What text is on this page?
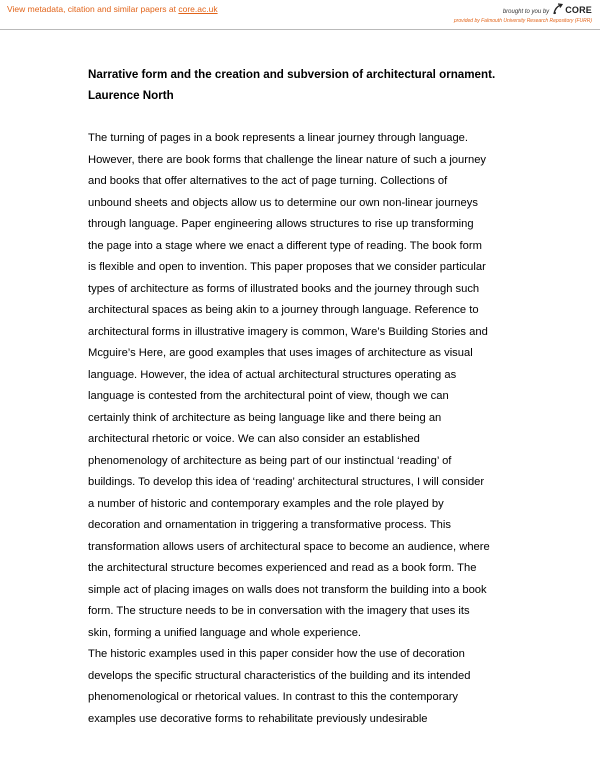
View metadata, citation and similar papers at core.ac.uk	brought to you by CORE
provided by Falmouth University Research Repository (FURR)

Narrative form and the creation and subversion of architectural ornament.

Laurence North

The turning of pages in a book represents a linear journey through language.
However, there are book forms that challenge the linear nature of such a journey
and books that offer alternatives to the act of page turning. Collections of
unbound sheets and objects allow us to determine our own non-linear journeys
through language. Paper engineering allows structures to rise up transforming
the page into a stage where we enact a different type of reading. The book form
is flexible and open to invention. This paper proposes that we consider particular
types of architecture as forms of illustrated books and the journey through such
architectural spaces as being akin to a journey through language. Reference to
architectural forms in illustrative imagery is common, Ware’s Building Stories and
Mcguire’s Here, are good examples that uses images of architecture as visual
language. However, the idea of actual architectural structures operating as
language is contested from the architectural point of view, though we can
certainly think of architecture as being language like and there being an
architectural rhetoric or voice. We can also consider an established
phenomenology of architecture as being part of our instinctual ‘reading’ of
buildings. To develop this idea of ‘reading’ architectural structures, I will consider
a number of historic and contemporary examples and the role played by
decoration and ornamentation in triggering a transformative process. This
transformation allows users of architectural space to become an audience, where
the architectural structure becomes experienced and read as a book form. The
simple act of placing images on walls does not transform the building into a book
form. The structure needs to be in conversation with the imagery that uses its
skin, forming a unified language and whole experience.
The historic examples used in this paper consider how the use of decoration
develops the specific structural characteristics of the building and its intended
phenomenological or rhetorical values. In contrast to this the contemporary
examples use decorative forms to rehabilitate previously undesirable
